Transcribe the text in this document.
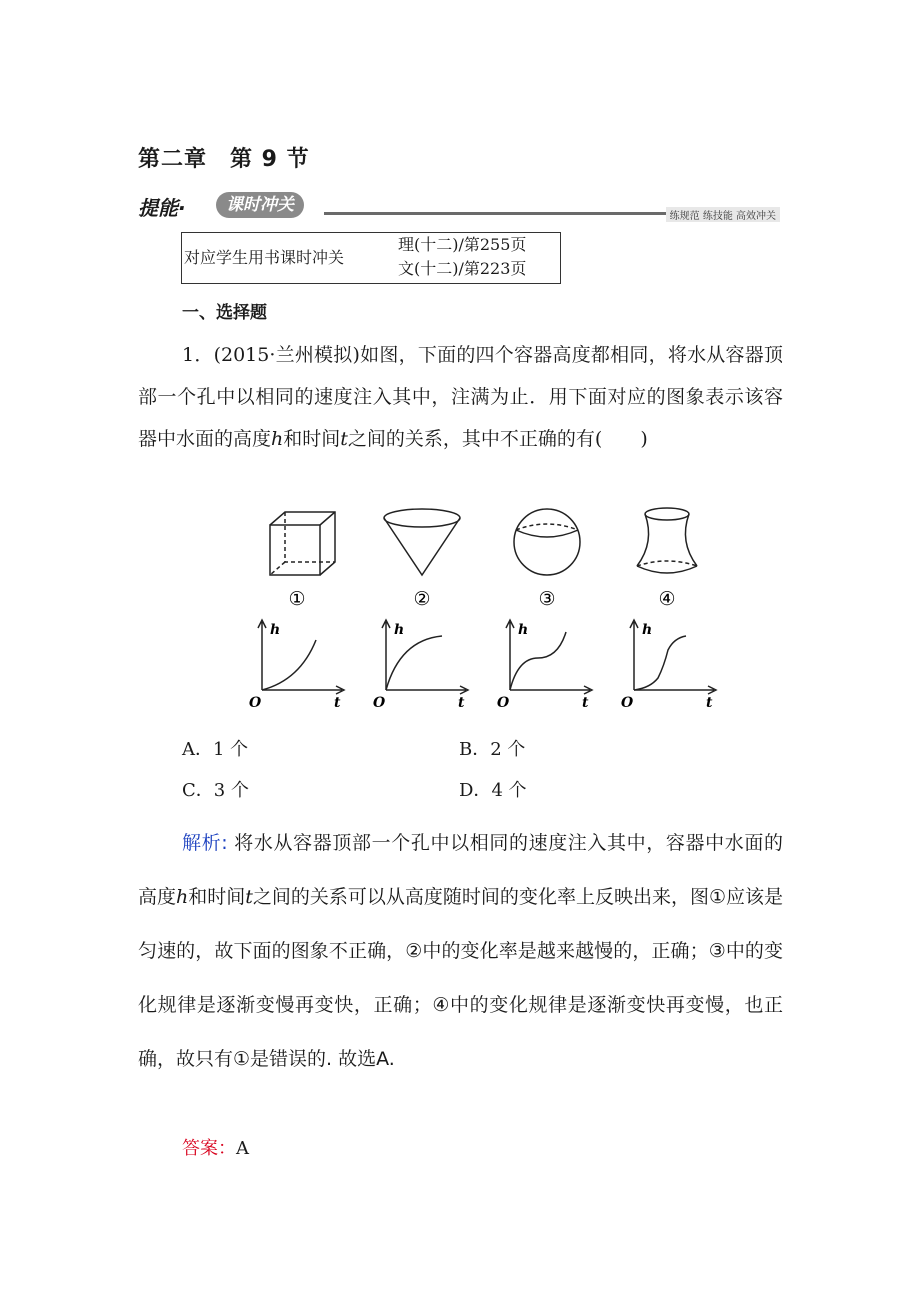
第二章　第 9 节
提能·	课时冲关
练规范 练技能 高效冲关
对应学生用书课时冲关
理(十二)/第255页
文(十二)/第223页
一、选择题
1．(2015·兰州模拟)如图，下面的四个容器高度都相同，将水从容器顶部一个孔中以相同的速度注入其中，注满为止．用下面对应的图象表示该容器中水面的高度h和时间t之间的关系，其中不正确的有(　　)
①	②	③	④
h
t
O
h
t
O
h
t
O
h
t
O
A．1 个	B．2 个
C．3 个	D．4 个
解析: 将水从容器顶部一个孔中以相同的速度注入其中，容器中水面的高度h和时间t之间的关系可以从高度随时间的变化率上反映出来，图①应该是匀速的，故下面的图象不正确，②中的变化率是越来越慢的，正确；③中的变化规律是逐渐变慢再变快，正确；④中的变化规律是逐渐变快再变慢，也正确，故只有①是错误的. 故选A.
答案：A
